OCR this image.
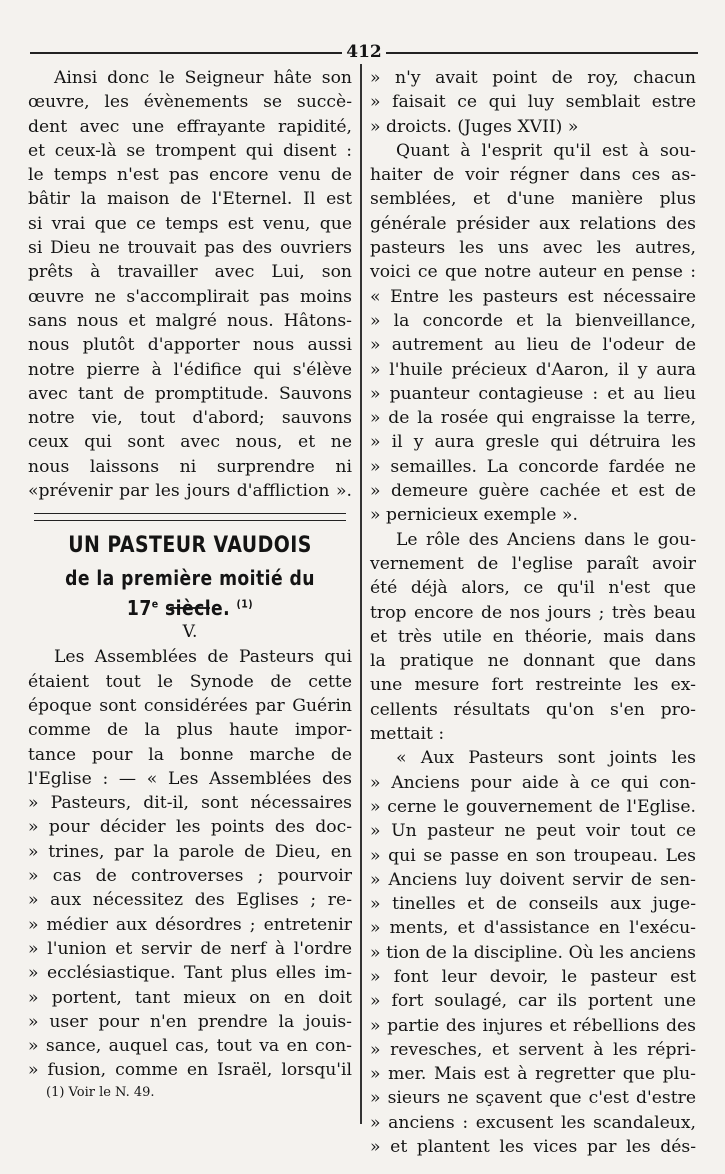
412
Ainsi donc le Seigneur hâte son
œuvre, les évènements se succè-
dent avec une effrayante rapidité,
et ceux-là se trompent qui disent :
le temps n'est pas encore venu de
bâtir la maison de l'Eternel. Il est
si vrai que ce temps est venu, que
si Dieu ne trouvait pas des ouvriers
prêts à travailler avec Lui, son
œuvre ne s'accomplirait pas moins
sans nous et malgré nous. Hâtons-
nous plutôt d'apporter nous aussi
notre pierre à l'édifice qui s'élève
avec tant de promptitude. Sauvons
notre vie, tout d'abord; sauvons
ceux qui sont avec nous, et ne
nous laissons ni surprendre ni
«prévenir par les jours d'affliction ».
UN PASTEUR VAUDOIS
de la première moitié du 17e siècle. $^{(1)}$
V.
Les Assemblées de Pasteurs qui
étaient tout le Synode de cette
époque sont considérées par Guérin
comme de la plus haute impor-
tance pour la bonne marche de
l'Eglise : — « Les Assemblées des
» Pasteurs, dit-il, sont nécessaires
» pour décider les points des doc-
» trines, par la parole de Dieu, en
» cas de controverses ; pourvoir
» aux nécessitez des Eglises ; re-
» médier aux désordres ; entretenir
» l'union et servir de nerf à l'ordre
» ecclésiastique. Tant plus elles im-
» portent, tant mieux on en doit
» user pour n'en prendre la jouis-
» sance, auquel cas, tout va en con-
» fusion, comme en Israël, lorsqu'il
» n'y avait point de roy, chacun
» faisait ce qui luy semblait estre
» droicts. (Juges XVII) »
Quant à l'esprit qu'il est à sou-
haiter de voir régner dans ces as-
semblées, et d'une manière plus
générale présider aux relations des
pasteurs les uns avec les autres,
voici ce que notre auteur en pense :
« Entre les pasteurs est nécessaire
» la concorde et la bienveillance,
» autrement au lieu de l'odeur de
» l'huile précieux d'Aaron, il y aura
» puanteur contagieuse : et au lieu
» de la rosée qui engraisse la terre,
» il y aura gresle qui détruira les
» semailles. La concorde fardée ne
» demeure guère cachée et est de
» pernicieux exemple ».
Le rôle des Anciens dans le gou-
vernement de l'eglise paraît avoir
été déjà alors, ce qu'il n'est que
trop encore de nos jours ; très beau
et très utile en théorie, mais dans
la pratique ne donnant que dans
une mesure fort restreinte les ex-
cellents résultats qu'on s'en pro-
mettait :
« Aux Pasteurs sont joints les
» Anciens pour aide à ce qui con-
» cerne le gouvernement de l'Eglise.
» Un pasteur ne peut voir tout ce
» qui se passe en son troupeau. Les
» Anciens luy doivent servir de sen-
» tinelles et de conseils aux juge-
» ments, et d'assistance en l'exécu-
» tion de la discipline. Où les anciens
» font leur devoir, le pasteur est
» fort soulagé, car ils portent une
» partie des injures et rébellions des
» revesches, et servent à les répri-
» mer. Mais est à regretter que plu-
» sieurs ne sçavent que c'est d'estre
» anciens : excusent les scandaleux,
» et plantent les vices par les dés-
(1) Voir le N. 49.
